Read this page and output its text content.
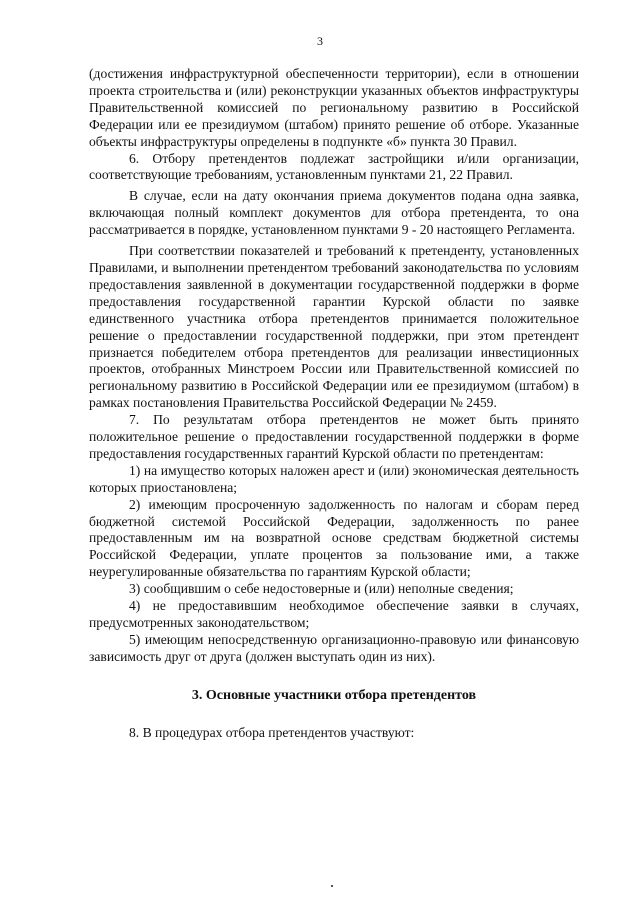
3

(достижения инфраструктурной обеспеченности территории), если в отношении проекта строительства и (или) реконструкции указанных объектов инфраструктуры Правительственной комиссией по региональному развитию в Российской Федерации или ее президиумом (штабом) принято решение об отборе. Указанные объекты инфраструктуры определены в подпункте «б» пункта 30 Правил.

6. Отбору претендентов подлежат застройщики и/или организации, соответствующие требованиям, установленным пунктами 21, 22 Правил.

В случае, если на дату окончания приема документов подана одна заявка, включающая полный комплект документов для отбора претендента, то она рассматривается в порядке, установленном пунктами 9 - 20 настоящего Регламента.

При соответствии показателей и требований к претенденту, установленных Правилами, и выполнении претендентом требований законодательства по условиям предоставления заявленной в документации государственной поддержки в форме предоставления государственной гарантии Курской области по заявке единственного участника отбора претендентов принимается положительное решение о предоставлении государственной поддержки, при этом претендент признается победителем отбора претендентов для реализации инвестиционных проектов, отобранных Минстроем России или Правительственной комиссией по региональному развитию в Российской Федерации или ее президиумом (штабом) в рамках постановления Правительства Российской Федерации № 2459.

7. По результатам отбора претендентов не может быть принято положительное решение о предоставлении государственной поддержки в форме предоставления государственных гарантий Курской области по претендентам:

1) на имущество которых наложен арест и (или) экономическая деятельность которых приостановлена;

2) имеющим просроченную задолженность по налогам и сборам перед бюджетной системой Российской Федерации, задолженность по ранее предоставленным им на возвратной основе средствам бюджетной системы Российской Федерации, уплате процентов за пользование ими, а также неурегулированные обязательства по гарантиям Курской области;

3) сообщившим о себе недостоверные и (или) неполные сведения;

4) не предоставившим необходимое обеспечение заявки в случаях, предусмотренных законодательством;

5) имеющим непосредственную организационно-правовую или финансовую зависимость друг от друга (должен выступать один из них).

3. Основные участники отбора претендентов

8. В процедурах отбора претендентов участвуют:
